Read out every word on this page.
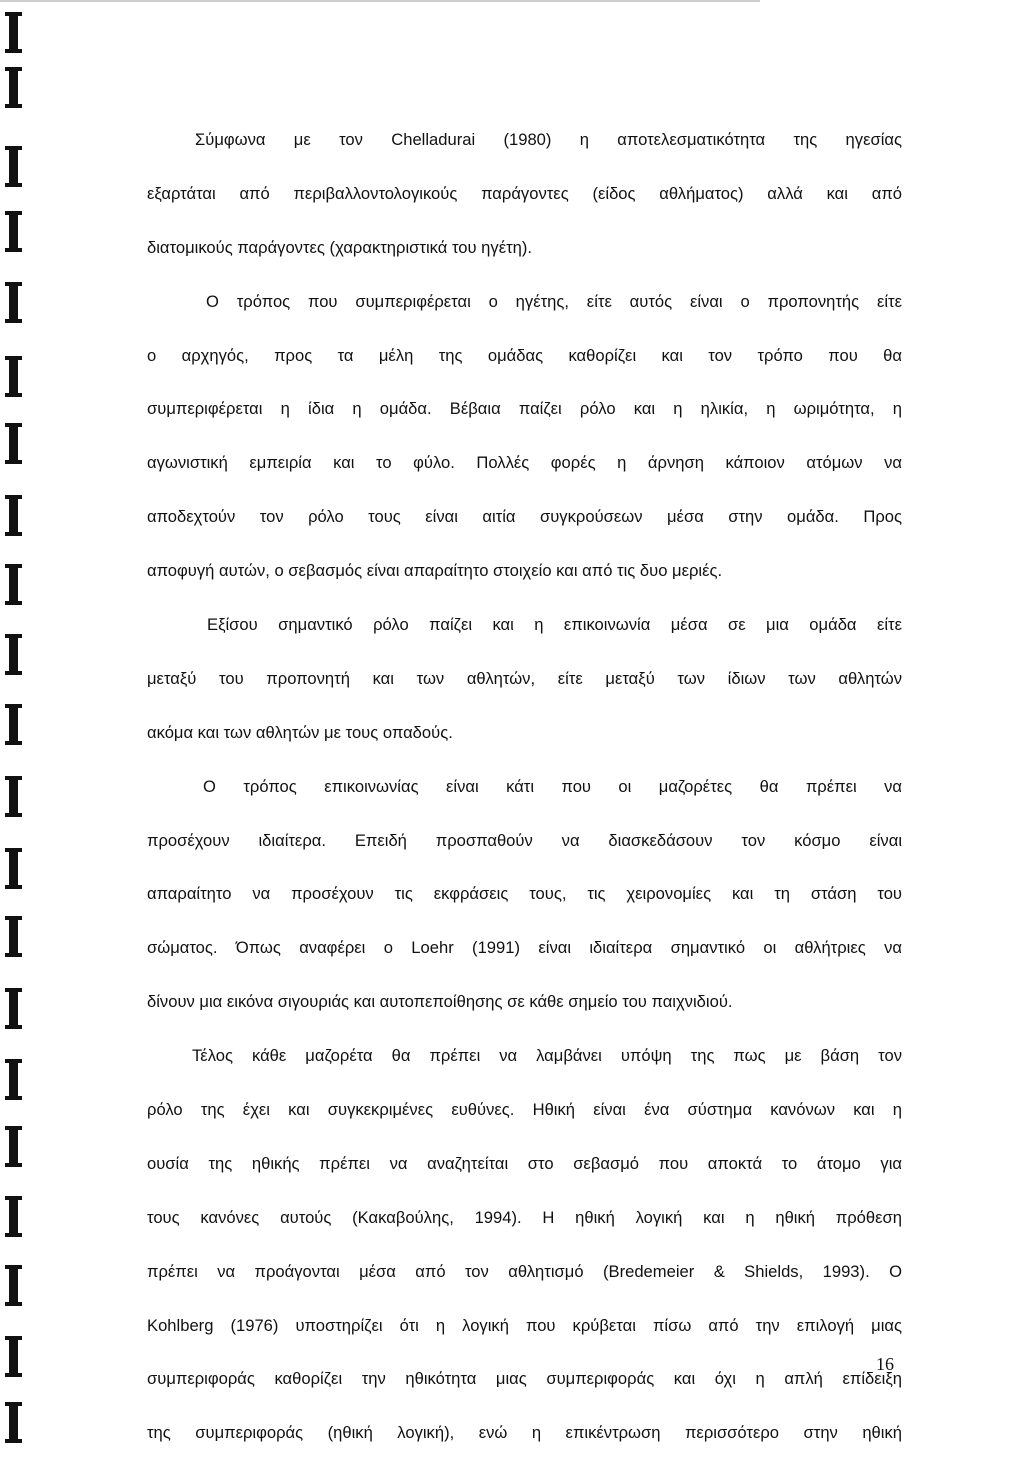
Σύμφωνα με τον Chelladurai (1980) η αποτελεσματικότητα της ηγεσίας
εξαρτάται από περιβαλλοντολογικούς παράγοντες (είδος αθλήματος) αλλά και από
διατομικούς παράγοντες (χαρακτηριστικά του ηγέτη).
Ο τρόπος που συμπεριφέρεται ο ηγέτης, είτε αυτός είναι ο προπονητής είτε
ο αρχηγός, προς τα μέλη της ομάδας καθορίζει και τον τρόπο που θα
συμπεριφέρεται η ίδια η ομάδα. Βέβαια παίζει ρόλο και η ηλικία, η ωριμότητα, η
αγωνιστική εμπειρία και το φύλο. Πολλές φορές η άρνηση κάποιον ατόμων να
αποδεχτούν τον ρόλο τους είναι αιτία συγκρούσεων μέσα στην ομάδα. Προς
αποφυγή αυτών, ο σεβασμός είναι απαραίτητο στοιχείο και από τις δυο μεριές.
Εξίσου σημαντικό ρόλο παίζει και η επικοινωνία μέσα σε μια ομάδα είτε
μεταξύ του προπονητή και των αθλητών, είτε μεταξύ των ίδιων των αθλητών
ακόμα και των αθλητών με τους οπαδούς.
Ο τρόπος επικοινωνίας είναι κάτι που οι μαζορέτες θα πρέπει να
προσέχουν ιδιαίτερα. Επειδή προσπαθούν να διασκεδάσουν τον κόσμο είναι
απαραίτητο να προσέχουν τις εκφράσεις τους, τις χειρονομίες και τη στάση του
σώματος. Όπως αναφέρει ο Loehr (1991) είναι ιδιαίτερα σημαντικό οι αθλήτριες να
δίνουν μια εικόνα σιγουριάς και αυτοπεποίθησης σε κάθε σημείο του παιχνιδιού.
Τέλος κάθε μαζορέτα θα πρέπει να λαμβάνει υπόψη της πως με βάση τον
ρόλο της έχει και συγκεκριμένες ευθύνες. Ηθική είναι ένα σύστημα κανόνων και η
ουσία της ηθικής πρέπει να αναζητείται στο σεβασμό που αποκτά το άτομο για
τους κανόνες αυτούς (Κακαβούλης, 1994). Η ηθική λογική και η ηθική πρόθεση
πρέπει να προάγονται μέσα από τον αθλητισμό (Bredemeier & Shields, 1993). Ο
Kohlberg (1976) υποστηρίζει ότι η λογική που κρύβεται πίσω από την επιλογή μιας
συμπεριφοράς καθορίζει την ηθικότητα μιας συμπεριφοράς και όχι η απλή επίδειξη
της συμπεριφοράς (ηθική λογική), ενώ η επικέντρωση περισσότερο στην ηθική
16
